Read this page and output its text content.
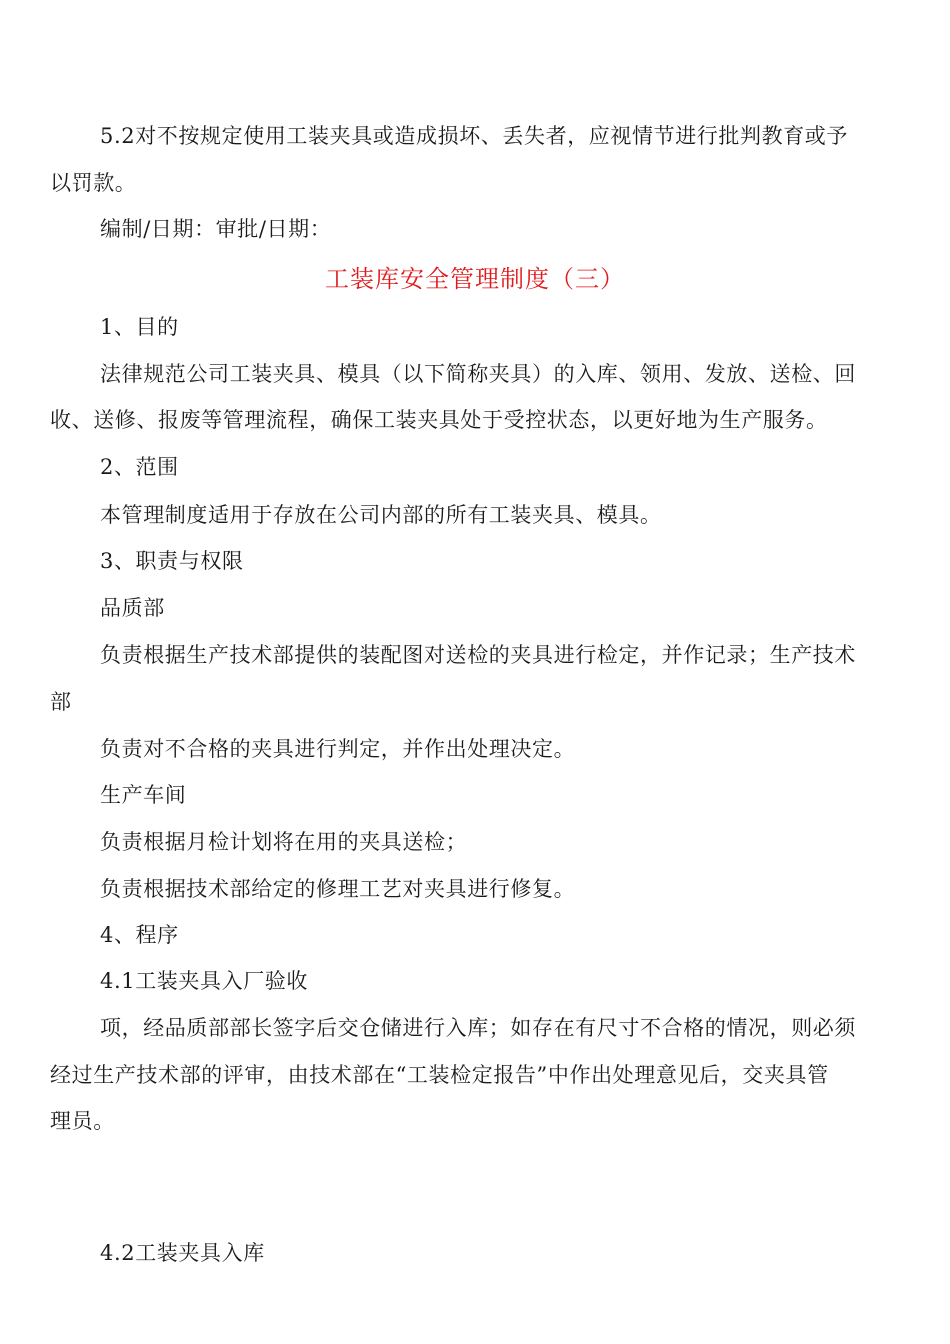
5.2对不按规定使用工装夹具或造成损坏、丢失者，应视情节进行批判教育或予
以罚款。
编制/日期：审批/日期：
工装库安全管理制度（三）
1、目的
法律规范公司工装夹具、模具（以下简称夹具）的入库、领用、发放、送检、回
收、送修、报废等管理流程，确保工装夹具处于受控状态，以更好地为生产服务。
2、范围
本管理制度适用于存放在公司内部的所有工装夹具、模具。
3、职责与权限
品质部
负责根据生产技术部提供的装配图对送检的夹具进行检定，并作记录；生产技术
部
负责对不合格的夹具进行判定，并作出处理决定。
生产车间
负责根据月检计划将在用的夹具送检；
负责根据技术部给定的修理工艺对夹具进行修复。
4、程序
4.1工装夹具入厂验收
项，经品质部部长签字后交仓储进行入库；如存在有尺寸不合格的情况，则必须
经过生产技术部的评审，由技术部在“工装检定报告”中作出处理意见后，交夹具管
理员。
4.2工装夹具入库
